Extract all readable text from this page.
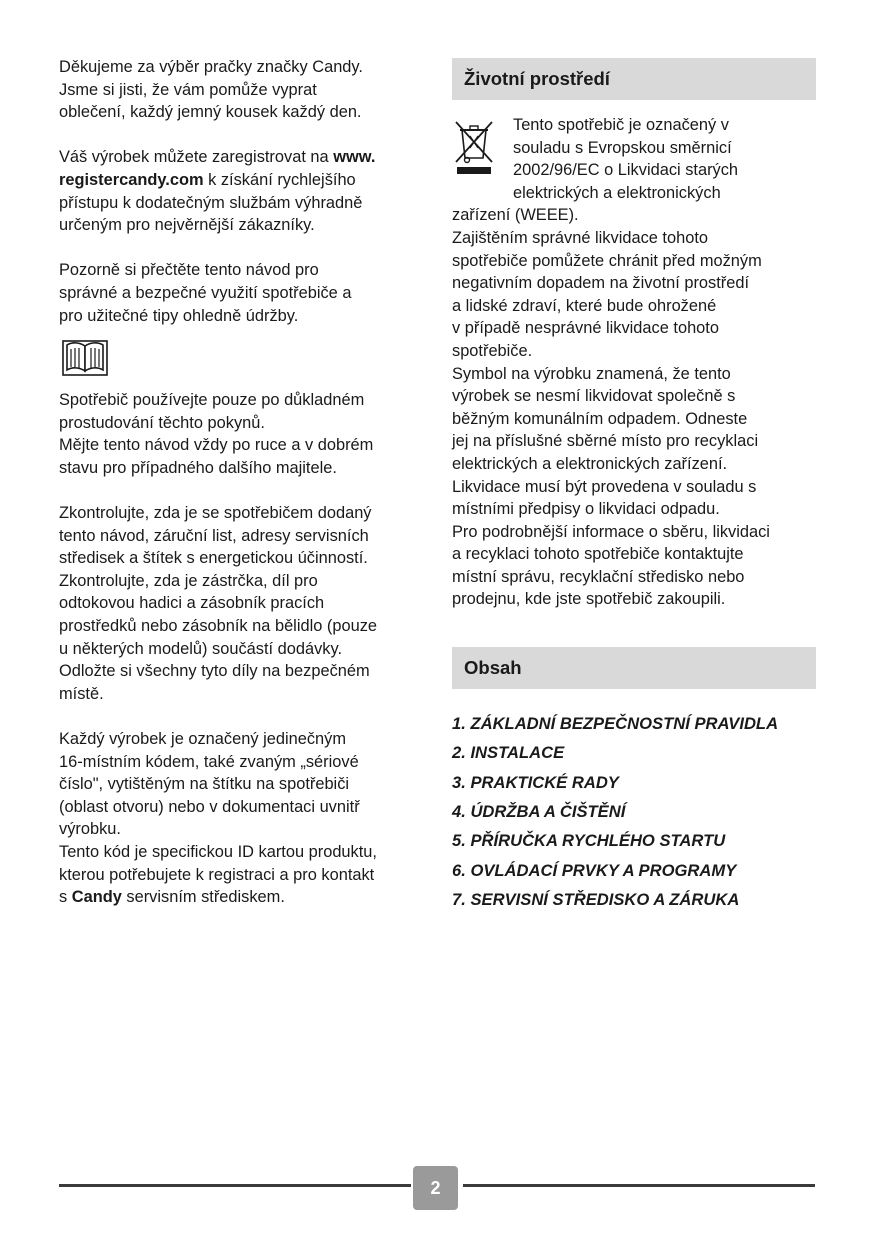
Děkujeme za výběr pračky značky Candy.

Jsme si jisti, že vám pomůže vyprat

oblečení, každý jemný kousek každý den.

Váš výrobek můžete zaregistrovat na www.

registercandy.com k získání rychlejšího

přístupu k dodatečným službám výhradně

určeným pro nejvěrnější zákazníky.

Pozorně si přečtěte tento návod pro

správné a bezpečné využití spotřebiče a

pro užitečné tipy ohledně údržby.

Spotřebič používejte pouze po důkladném

prostudování těchto pokynů.

Mějte tento návod vždy po ruce a v dobrém

stavu pro případného dalšího majitele.

Zkontrolujte, zda je se spotřebičem dodaný

tento návod, záruční list, adresy servisních

středisek a štítek s energetickou účinností.

Zkontrolujte, zda je zástrčka, díl pro

odtokovou hadici a zásobník pracích

prostředků nebo zásobník na bělidlo (pouze

u některých modelů) součástí dodávky.

Odložte si všechny tyto díly na bezpečném

místě.

Každý výrobek je označený jedinečným

16-místním kódem, také zvaným „sériové

číslo", vytištěným na štítku na spotřebiči

(oblast otvoru) nebo v dokumentaci uvnitř

výrobku.

Tento kód je specifickou ID kartou produktu,

kterou potřebujete k registraci a pro kontakt

s Candy servisním střediskem.

Životní prostředí

Tento spotřebič je označený v

souladu s Evropskou směrnicí

2002/96/EC o Likvidaci starých

elektrických a elektronických

zařízení (WEEE).

Zajištěním správné likvidace tohoto

spotřebiče pomůžete chránit před možným

negativním dopadem na životní prostředí

a lidské zdraví, které bude ohrožené

v případě nesprávné likvidace tohoto

spotřebiče.

Symbol na výrobku znamená, že tento

výrobek se nesmí likvidovat společně s

běžným komunálním odpadem. Odneste

jej na příslušné sběrné místo pro recyklaci

elektrických a elektronických zařízení.

Likvidace musí být provedena v souladu s

místními předpisy o likvidaci odpadu.

Pro podrobnější informace o sběru, likvidaci

a recyklaci tohoto spotřebiče kontaktujte

místní správu, recyklační středisko nebo

prodejnu, kde jste spotřebič zakoupili.

Obsah
1. ZÁKLADNÍ BEZPEČNOSTNÍ PRAVIDLA
2. INSTALACE
3. PRAKTICKÉ RADY
4. ÚDRŽBA A ČIŠTĚNÍ
5. PŘÍRUČKA RYCHLÉHO STARTU
6. OVLÁDACÍ PRVKY A PROGRAMY
7. SERVISNÍ STŘEDISKO A ZÁRUKA
2
